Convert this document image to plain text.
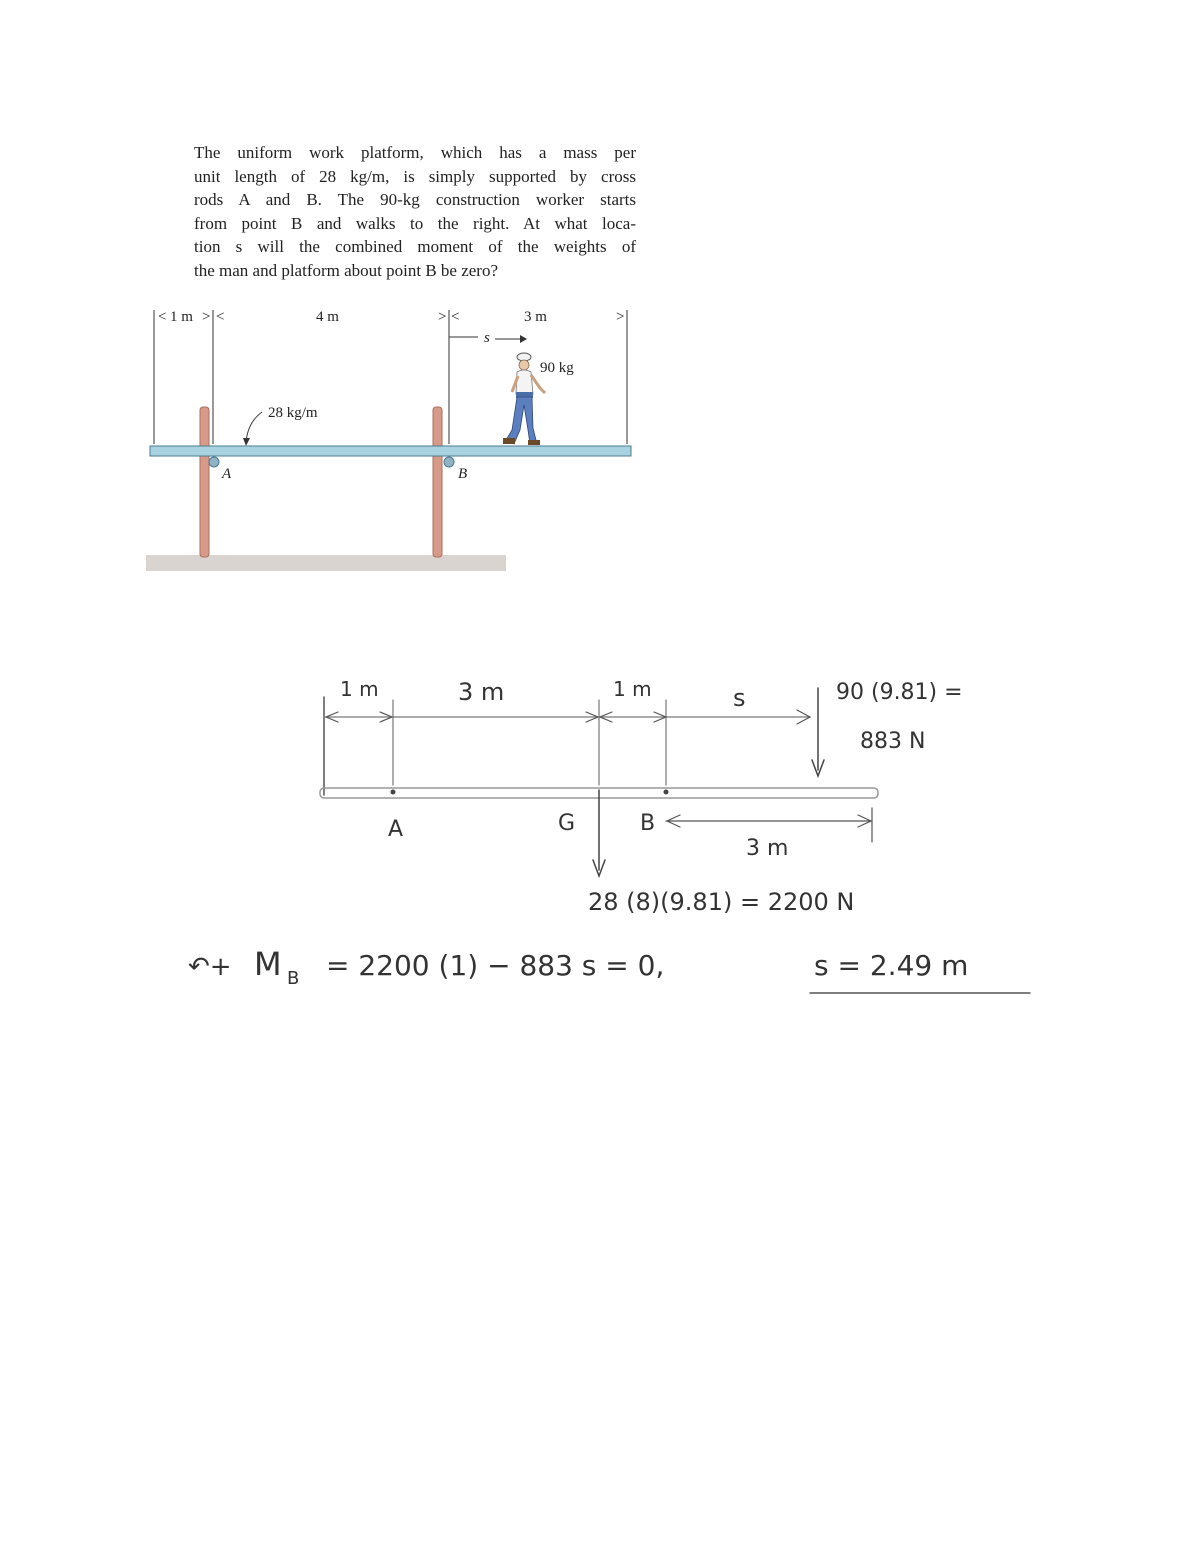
The uniform work platform, which has a mass per
unit length of 28 kg/m, is simply supported by cross
rods A and B. The 90-kg construction worker starts
from point B and walks to the right. At what loca-
tion s will the combined moment of the weights of
the man and platform about point B be zero?
A	B
< 1 m > <	4 m	> <	3 m	>
s
90 kg
28 kg/m
1 m	3 m	1 m	s	90 (9.81) =
883 N
A	G	B
3 m
28 (8)(9.81) = 2200 N
↶+ M B = 2200 (1) − 883 s = 0,	s = 2.49 m
